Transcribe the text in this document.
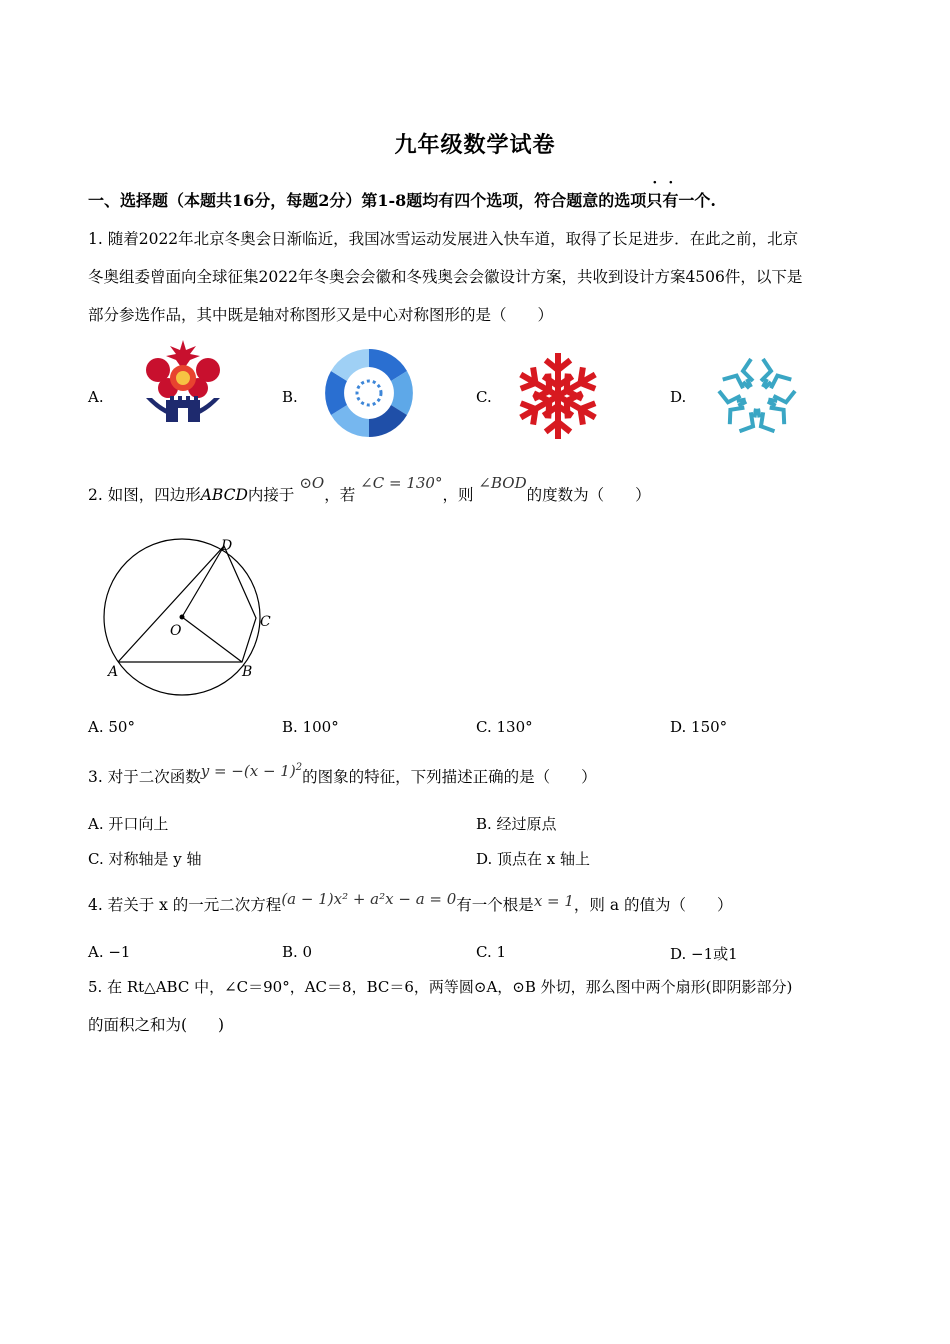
九年级数学试卷
一、选择题（本题共16分，每题2分）第1-8题均有四个选项，符合题意的选项只有一个.
1. 随着2022年北京冬奥会日渐临近，我国冰雪运动发展进入快车道，取得了长足进步．在此之前，北京
冬奥组委曾面向全球征集2022年冬奥会会徽和冬残奥会会徽设计方案，共收到设计方案4506件，以下是
部分参选作品，其中既是轴对称图形又是中心对称图形的是（　　）
A.	B.	C.	D.
2. 如图，四边形ABCD内接于 ⊙O，若 ∠C = 130°，则 ∠BOD的度数为（　　）
A	B
C
D
O
A. 50°	B. 100°	C. 130°	D. 150°
3. 对于二次函数$y = -(x - 1)^2$的图象的特征，下列描述正确的是（　　）
A. 开口向上	B. 经过原点
C. 对称轴是 y 轴	D. 顶点在 x 轴上
4. 若关于 x 的一元二次方程(a − 1)x² + a²x − a = 0有一个根是x = 1，则 a 的值为（　　）
A. −1	B. 0	C. 1	D. −1或1
5. 在 Rt△ABC 中，∠C＝90°，AC＝8，BC＝6，两等圆⊙A，⊙B 外切，那么图中两个扇形(即阴影部分)
的面积之和为(　　)
